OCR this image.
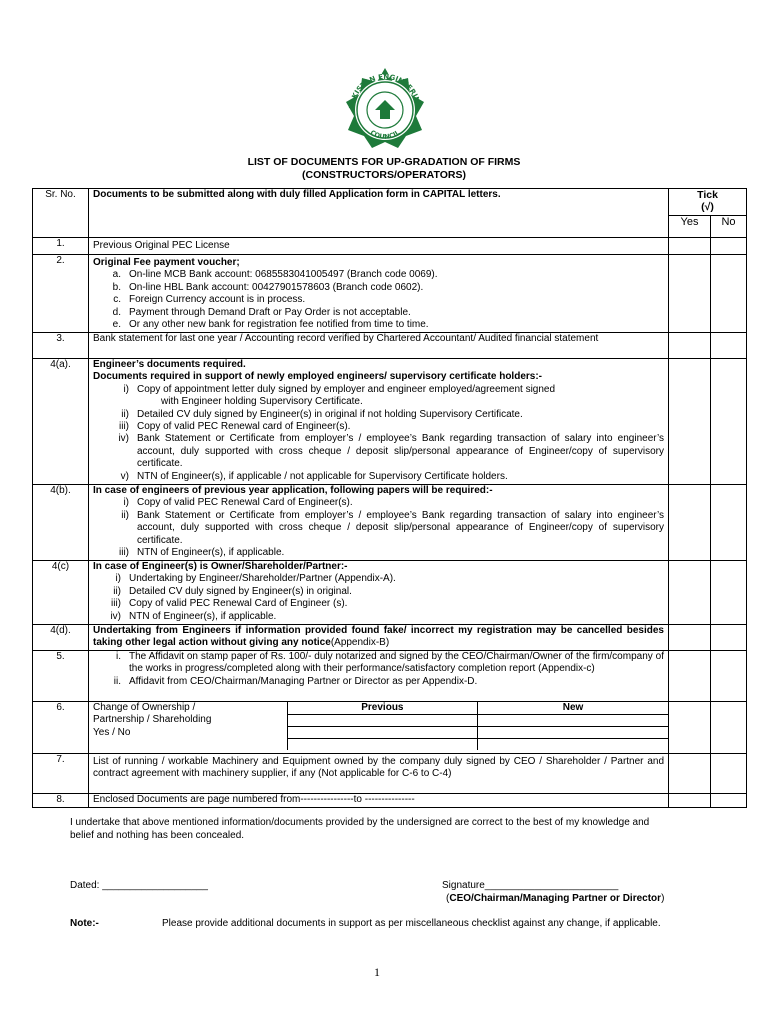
PAKISTAN ENGINEERING
COUNCIL
LIST OF DOCUMENTS FOR UP-GRADATION OF FIRMS
(CONSTRUCTORS/OPERATORS)
Sr. No.	Documents to be submitted along with duly filled Application form in CAPITAL letters.	Tick
(√)

Yes	No
1.	Previous Original PEC License		
2.	Original Fee payment voucher;
a. On-line MCB Bank account: 0685583041005497 (Branch code 0069).
b. On-line HBL Bank account: 00427901578603 (Branch code 0602).
c. Foreign Currency account is in process.
d. Payment through Demand Draft or Pay Order is not acceptable.
e. Or any other new bank for registration fee notified from time to time.

3.	Bank statement for last one year / Accounting record verified by Chartered Accountant/ Audited financial statement		
4(a).	Engineer’s documents required.
Documents required in support of newly employed engineers/ supervisory certificate holders:-
i) Copy of appointment letter duly signed by employer and engineer employed/agreement signed
with Engineer holding Supervisory Certificate.
ii) Detailed CV duly signed by Engineer(s) in original if not holding Supervisory Certificate.
iii) Copy of valid PEC Renewal card of Engineer(s).
iv) Bank Statement or Certificate from employer’s / employee’s Bank regarding transaction of salary into engineer’s account, duly supported with cross cheque / deposit slip/personal appearance of Engineer/copy of supervisory certificate.
v) NTN of Engineer(s), if applicable / not applicable for Supervisory Certificate holders.

4(b).	In case of engineers of previous year application, following papers will be required:-
i) Copy of valid PEC Renewal Card of Engineer(s).
ii) Bank Statement or Certificate from employer’s / employee’s Bank regarding transaction of salary into engineer’s account, duly supported with cross cheque / deposit slip/personal appearance of Engineer/copy of supervisory certificate.
iii) NTN of Engineer(s), if applicable.

4(c)	In case of Engineer(s) is Owner/Shareholder/Partner:-
i) Undertaking by Engineer/Shareholder/Partner (Appendix-A).
ii) Detailed CV duly signed by Engineer(s) in original.
iii) Copy of valid PEC Renewal Card of Engineer (s).
iv) NTN of Engineer(s), if applicable.

4(d).	Undertaking from Engineers if information provided found fake/ incorrect my registration may be cancelled besides taking other legal action without giving any notice(Appendix-B)		
5.	i. The Affidavit on stamp paper of Rs. 100/- duly notarized and signed by the CEO/Chairman/Owner of the firm/company of the works in progress/completed along with their performance/satisfactory completion report (Appendix-c)
ii. Affidavit from CEO/Chairman/Managing Partner or Director as per Appendix-D.

6.	Change of Ownership /
Partnership / Shareholding
Yes / No
Previous	New

7.	List of running / workable Machinery and Equipment owned by the company duly signed by CEO / Shareholder / Partner and contract agreement with machinery supplier, if any (Not applicable for C-6 to C-4)		
8.	Enclosed Documents are page numbered from----------------to ---------------		
I undertake that above mentioned information/documents provided by the undersigned are correct to the best of my knowledge and belief and nothing has been concealed.
Dated: ___________________	Signature________________________
(CEO/Chairman/Managing Partner or Director)
Note:-	Please provide additional documents in support as per miscellaneous checklist against any change, if applicable.
1
